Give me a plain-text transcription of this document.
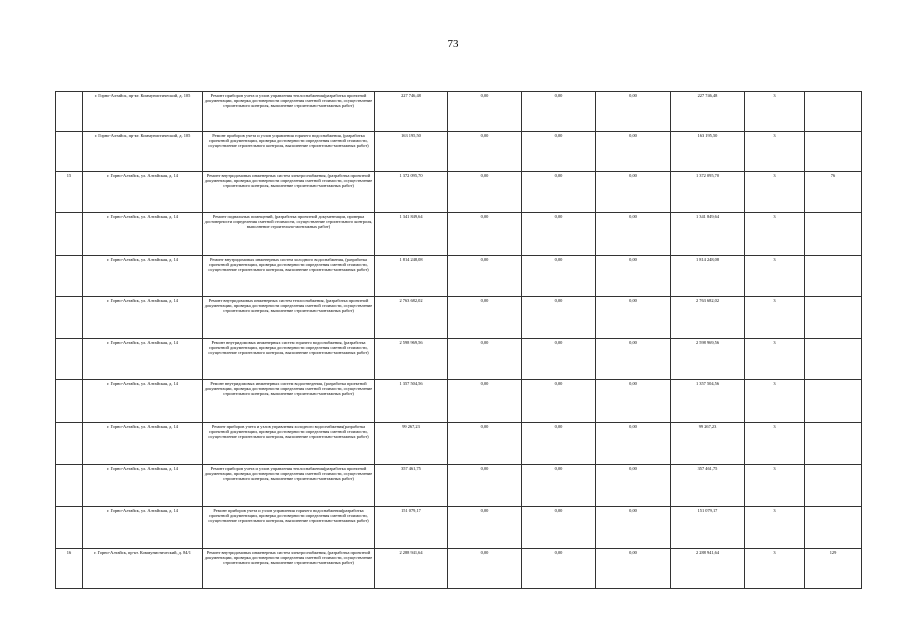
73
	г. Горно-Алтайск, пр-кт. Коммунистический, д. 105	Ремонт приборов учета и узлов управления теплоснабжения(разработка проектной документации, проверка достоверности определения сметной стоимости, осуществление строительного контроля, выполнение строительно-монтажных работ)	227 746,48	0,00	0,00	0,00	227 746,48	3	
	г. Горно-Алтайск, пр-кт. Коммунистический, д. 105	Ремонт приборов учета и узлов управления горячего водоснабжения, (разработка проектной документации, проверка достоверности определения сметной стоимости, осуществление строительного контроля, выполнение строительно-монтажных работ)	163 195,50	0,00	0,00	0,00	163 195,50	3	
15	г. Горно-Алтайск, ул. Алтайская, д. 14	Ремонт внутридомовых инженерных систем электроснабжения, (разработка проектной документации, проверка достоверности определения сметной стоимости, осуществление строительного контроля, выполнение строительно-монтажных работ)	1 372 095,70	0,00	0,00	0,00	1 372 095,70	3	76
	г. Горно-Алтайск, ул. Алтайская, д. 14	Ремонт подвальных помещений, (разработка проектной документации, проверка достоверности определения сметной стоимости, осуществление строительного контроля, выполнение строительно-монтажных работ)	1 341 849,64	0,00	0,00	0,00	1 341 849,64	3	
	г. Горно-Алтайск, ул. Алтайская, д. 14	Ремонт внутридомовых инженерных систем холодного водоснабжения, (разработка проектной документации, проверка достоверности определения сметной стоимости, осуществление строительного контроля, выполнение строительно-монтажных работ)	1 814 248,08	0,00	0,00	0,00	1 814 248,08	3	
	г. Горно-Алтайск, ул. Алтайская, д. 14	Ремонт внутридомовых инженерных систем теплоснабжения, (разработка проектной документации, проверка достоверности определения сметной стоимости, осуществление строительного контроля, выполнение строительно-монтажных работ)	2 763 682,02	0,00	0,00	0,00	2 763 682,02	3	
	г. Горно-Алтайск, ул. Алтайская, д. 14	Ремонт внутридомовых инженерных систем горячего водоснабжения, (разработка проектной документации, проверка достоверности определения сметной стоимости, осуществление строительного контроля, выполнение строительно-монтажных работ)	2 598 969,56	0,00	0,00	0,00	2 598 969,56	3	
	г. Горно-Алтайск, ул. Алтайская, д. 14	Ремонт внутридомовых инженерных систем водоотведения, (разработка проектной документации, проверка достоверности определения сметной стоимости, осуществление строительного контроля, выполнение строительно-монтажных работ)	1 357 504,56	0,00	0,00	0,00	1 357 504,56	3	
	г. Горно-Алтайск, ул. Алтайская, д. 14	Ремонт приборов учета и узлов управления холодного водоснабжения(разработка проектной документации, проверка достоверности определения сметной стоимости, осуществление строительного контроля, выполнение строительно-монтажных работ)	99 267,23	0,00	0,00	0,00	99 267,23	3	
	г. Горно-Алтайск, ул. Алтайская, д. 14	Ремонт приборов учета и узлов управления теплоснабжения(разработка проектной документации, проверка достоверности определения сметной стоимости, осуществление строительного контроля, выполнение строительно-монтажных работ)	357 461,75	0,00	0,00	0,00	357 461,75	3	
	г. Горно-Алтайск, ул. Алтайская, д. 14	Ремонт приборов учета и узлов управления горячего водоснабжения(разработка проектной документации, проверка достоверности определения сметной стоимости, осуществление строительного контроля, выполнение строительно-монтажных работ)	151 079,17	0,00	0,00	0,00	151 079,17	3	
16	г. Горно-Алтайск, пр-кт. Коммунистический, д. 84/1	Ремонт внутридомовых инженерных систем электроснабжения, (разработка проектной документации, проверка достоверности определения сметной стоимости, осуществление строительного контроля, выполнение строительно-монтажных работ)	2 288 941,64	0,00	0,00	0,00	2 288 941,64	3	129
